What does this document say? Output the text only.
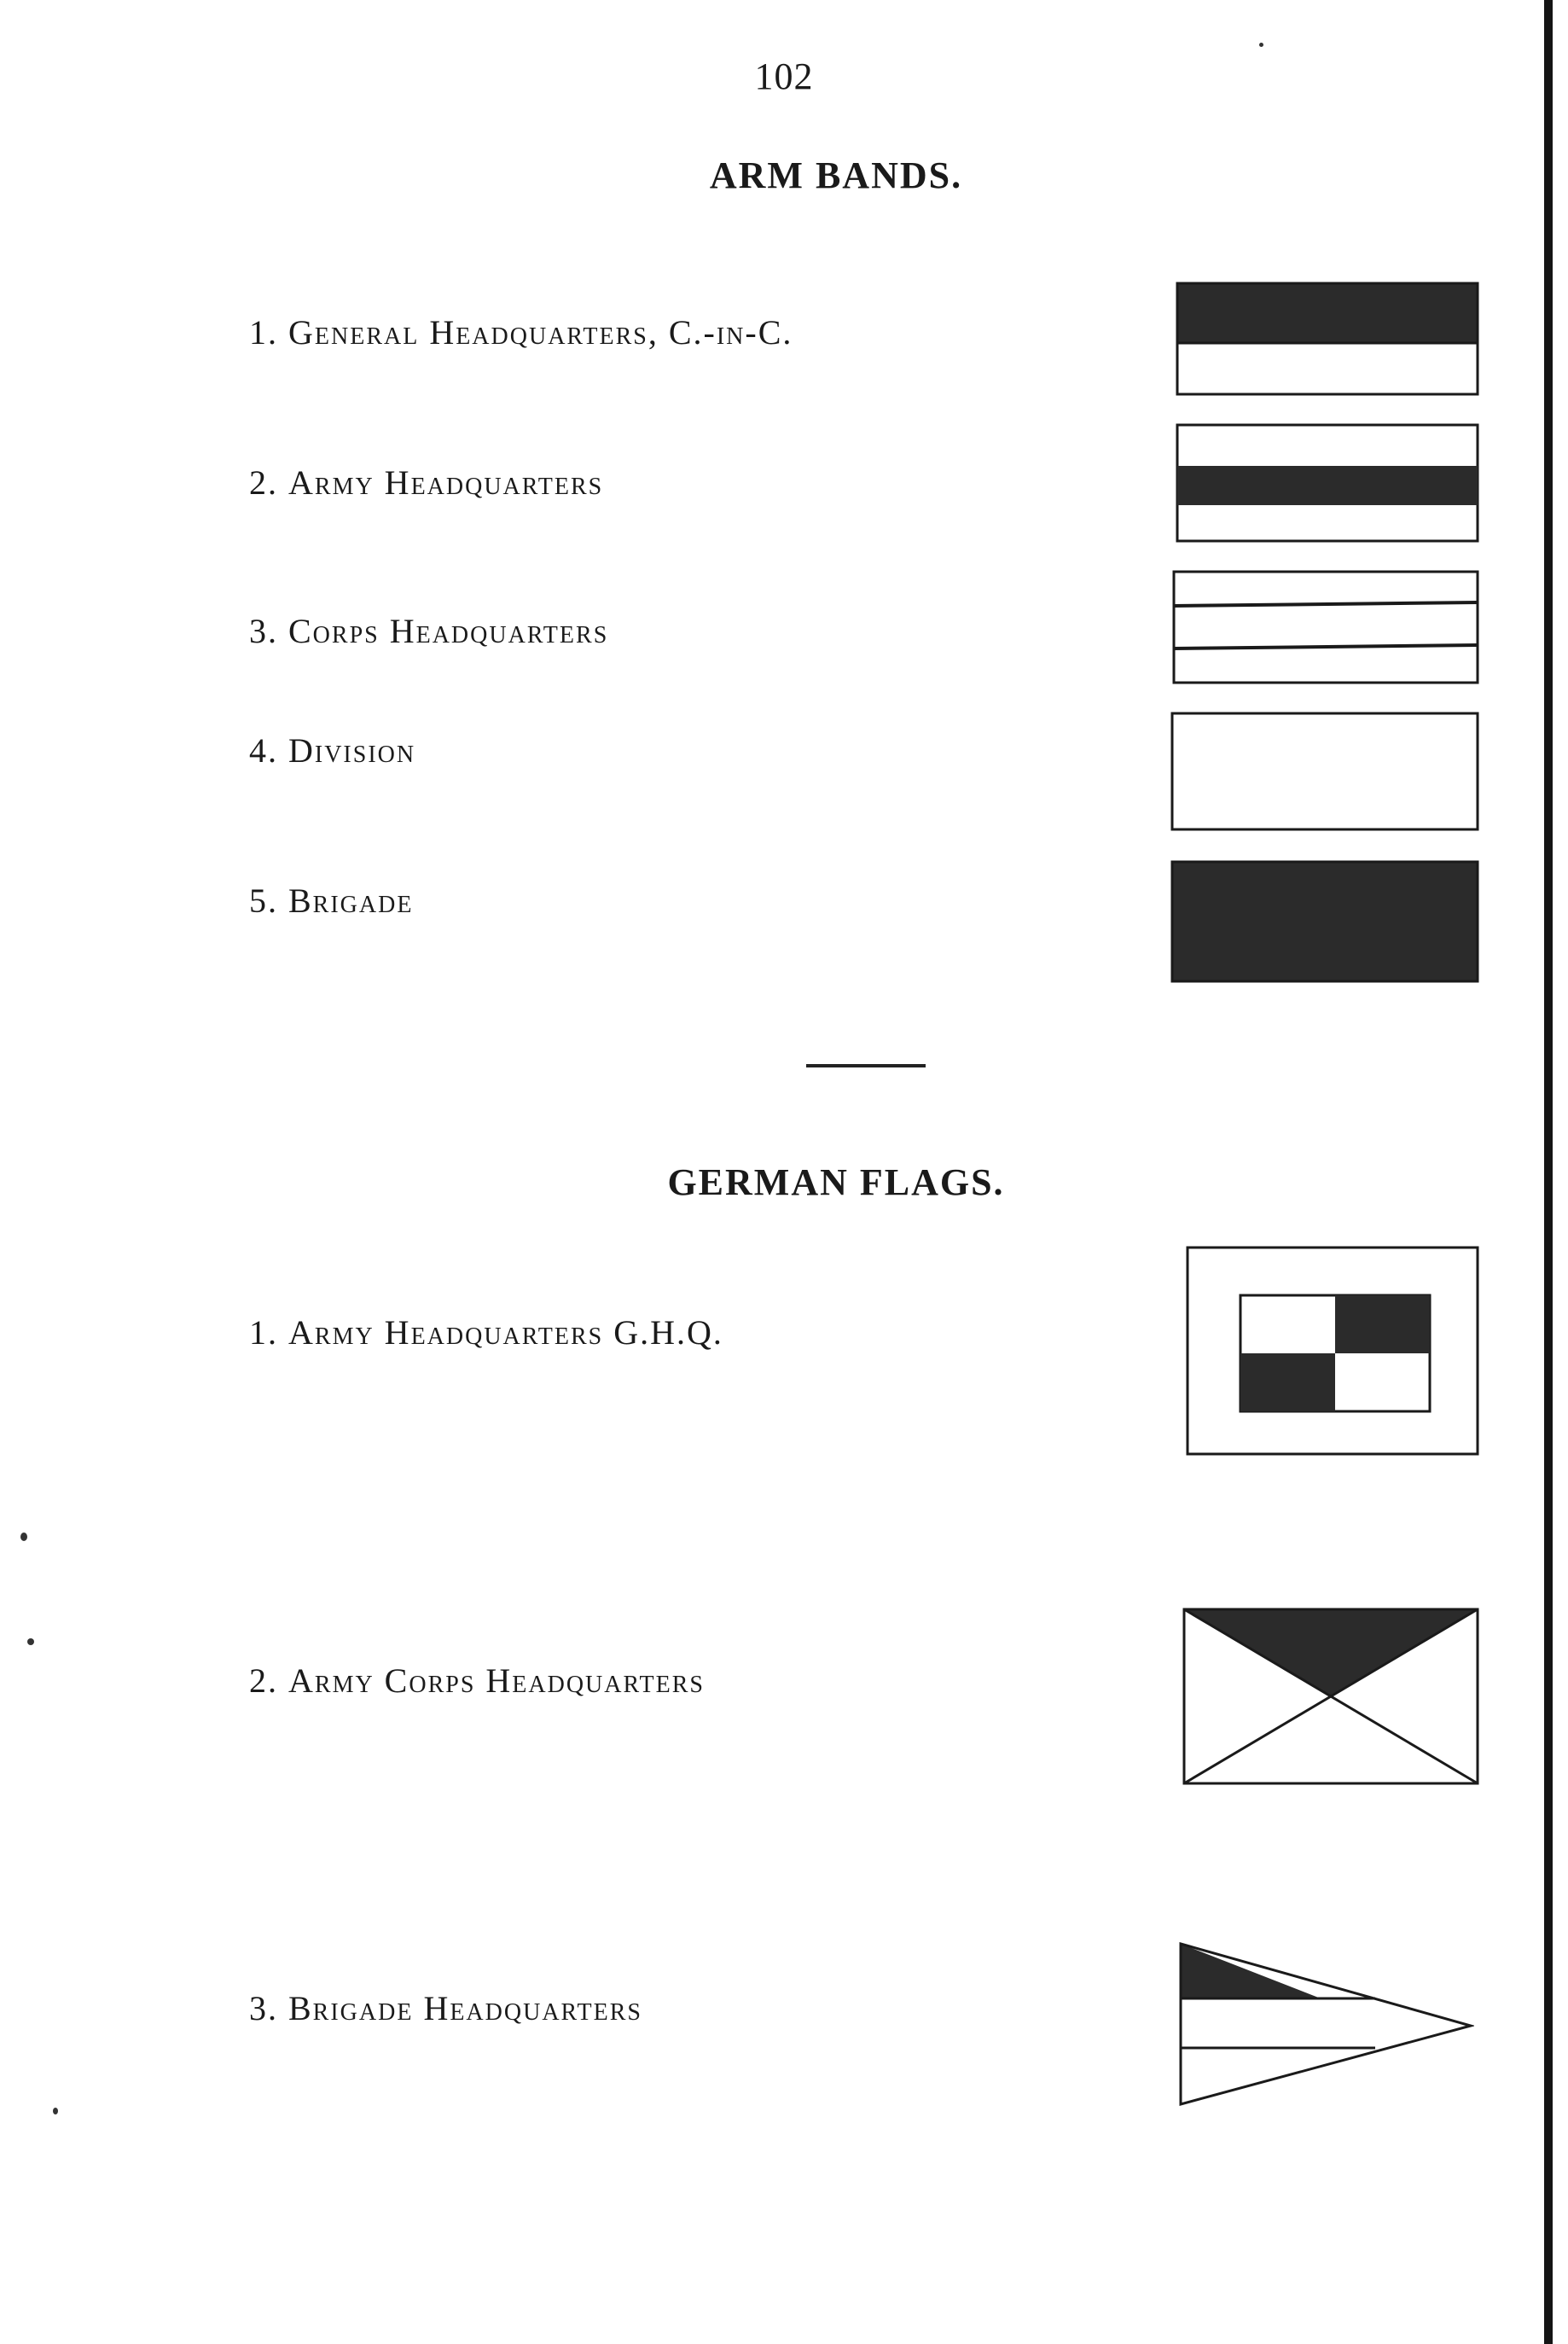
102
ARM BANDS.
1. General Headquarters, C.-in-C.
2. Army Headquarters
3. Corps Headquarters
4. Division
5. Brigade
GERMAN FLAGS.
1. Army Headquarters G.H.Q.
2. Army Corps Headquarters
3. Brigade Headquarters
